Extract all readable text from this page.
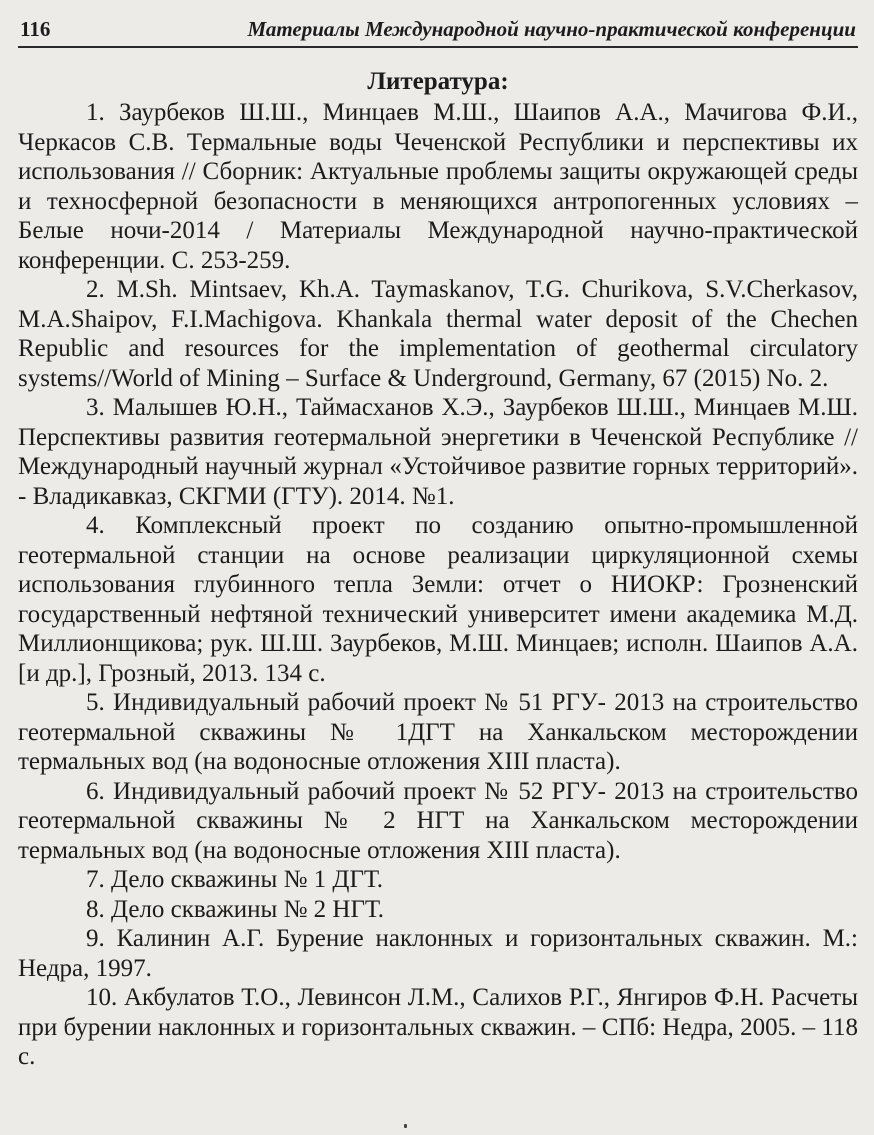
116	Материалы Международной научно-практической конференции
Литература:

1. Заурбеков Ш.Ш., Минцаев М.Ш., Шаипов А.А., Мачигова Ф.И., Черкасов С.В. Термальные воды Чеченской Республики и перспективы их использования // Сборник: Актуальные проблемы защиты окружающей среды и техносферной безопасности в меняющихся антропогенных условиях – Белые ночи-2014 / Материалы Международной научно-практической конференции. С. 253-259.

2. M.Sh. Mintsaev, Kh.A. Taymaskanov, T.G. Churikova, S.V.Cherkasov, M.A.Shaipov, F.I.Machigova. Khankala thermal water deposit of the Chechen Republic and resources for the implementation of geothermal circulatory systems//World of Mining – Surface & Underground, Germany, 67 (2015) No. 2.

3. Малышев Ю.Н., Таймасханов Х.Э., Заурбеков Ш.Ш., Минцаев М.Ш. Перспективы развития геотермальной энергетики в Чеченской Республике // Международный научный журнал «Устойчивое развитие горных территорий». - Владикавказ, СКГМИ (ГТУ). 2014. №1.

4. Комплексный проект по созданию опытно-промышленной геотермальной станции на основе реализации циркуляционной схемы использования глубинного тепла Земли: отчет о НИОКР: Грозненский государственный нефтяной технический университет имени академика М.Д. Миллионщикова; рук. Ш.Ш. Заурбеков, М.Ш. Минцаев; исполн. Шаипов А.А. [и др.], Грозный, 2013. 134 с.

5. Индивидуальный рабочий проект № 51 РГУ- 2013 на строительство геотермальной скважины № 1ДГТ на Ханкальском месторождении термальных вод (на водоносные отложения XIII пласта).

6. Индивидуальный рабочий проект № 52 РГУ- 2013 на строительство геотермальной скважины № 2 НГТ на Ханкальском месторождении термальных вод (на водоносные отложения XIII пласта).

7. Дело скважины № 1 ДГТ.

8. Дело скважины № 2 НГТ.

9. Калинин А.Г. Бурение наклонных и горизонтальных скважин. М.: Недра, 1997.

10. Акбулатов Т.О., Левинсон Л.М., Салихов Р.Г., Янгиров Ф.Н. Расчеты при бурении наклонных и горизонтальных скважин. – СПб: Недра, 2005. – 118 с.
